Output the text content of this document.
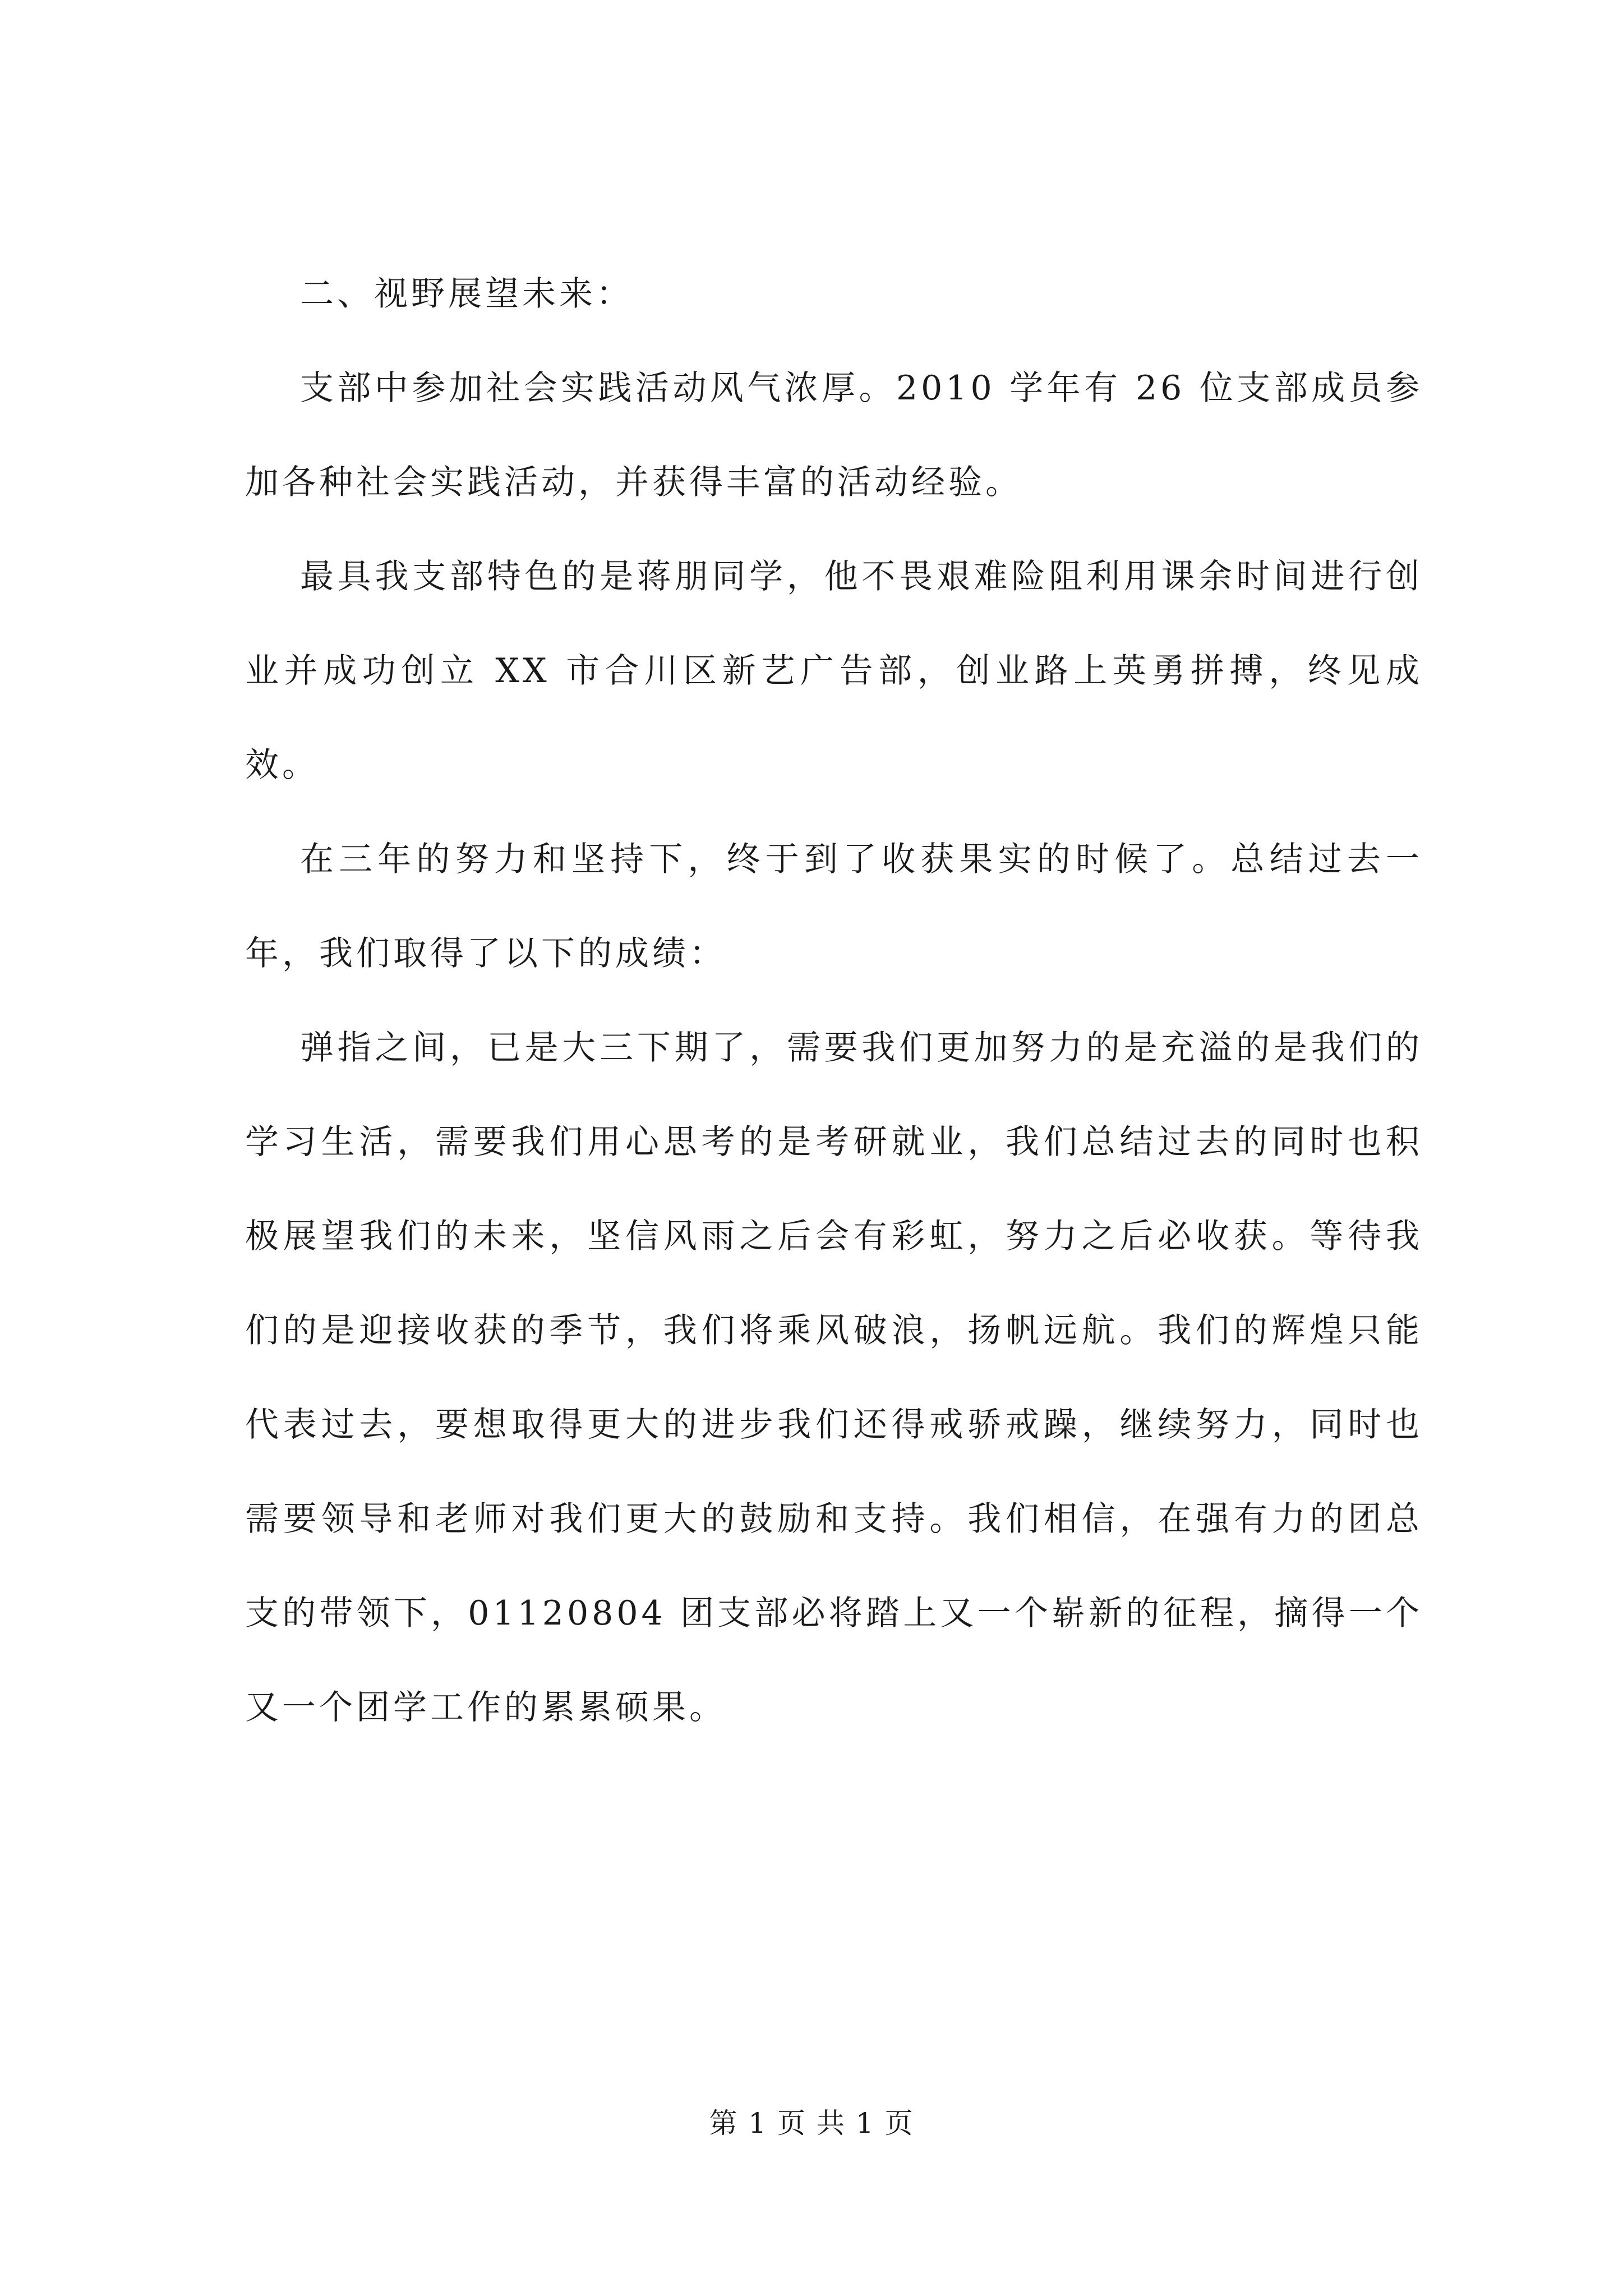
二、视野展望未来：

支部中参加社会实践活动风气浓厚。2010 学年有 26 位支部成员参加各种社会实践活动，并获得丰富的活动经验。

最具我支部特色的是蒋朋同学，他不畏艰难险阻利用课余时间进行创业并成功创立 XX 市合川区新艺广告部，创业路上英勇拼搏，终见成效。

在三年的努力和坚持下，终于到了收获果实的时候了。总结过去一年，我们取得了以下的成绩：

弹指之间，已是大三下期了，需要我们更加努力的是充溢的是我们的学习生活，需要我们用心思考的是考研就业，我们总结过去的同时也积极展望我们的未来，坚信风雨之后会有彩虹，努力之后必收获。等待我们的是迎接收获的季节，我们将乘风破浪，扬帆远航。我们的辉煌只能代表过去，要想取得更大的进步我们还得戒骄戒躁，继续努力，同时也需要领导和老师对我们更大的鼓励和支持。我们相信，在强有力的团总支的带领下，01120804 团支部必将踏上又一个崭新的征程，摘得一个又一个团学工作的累累硕果。

第 1 页 共 1 页
